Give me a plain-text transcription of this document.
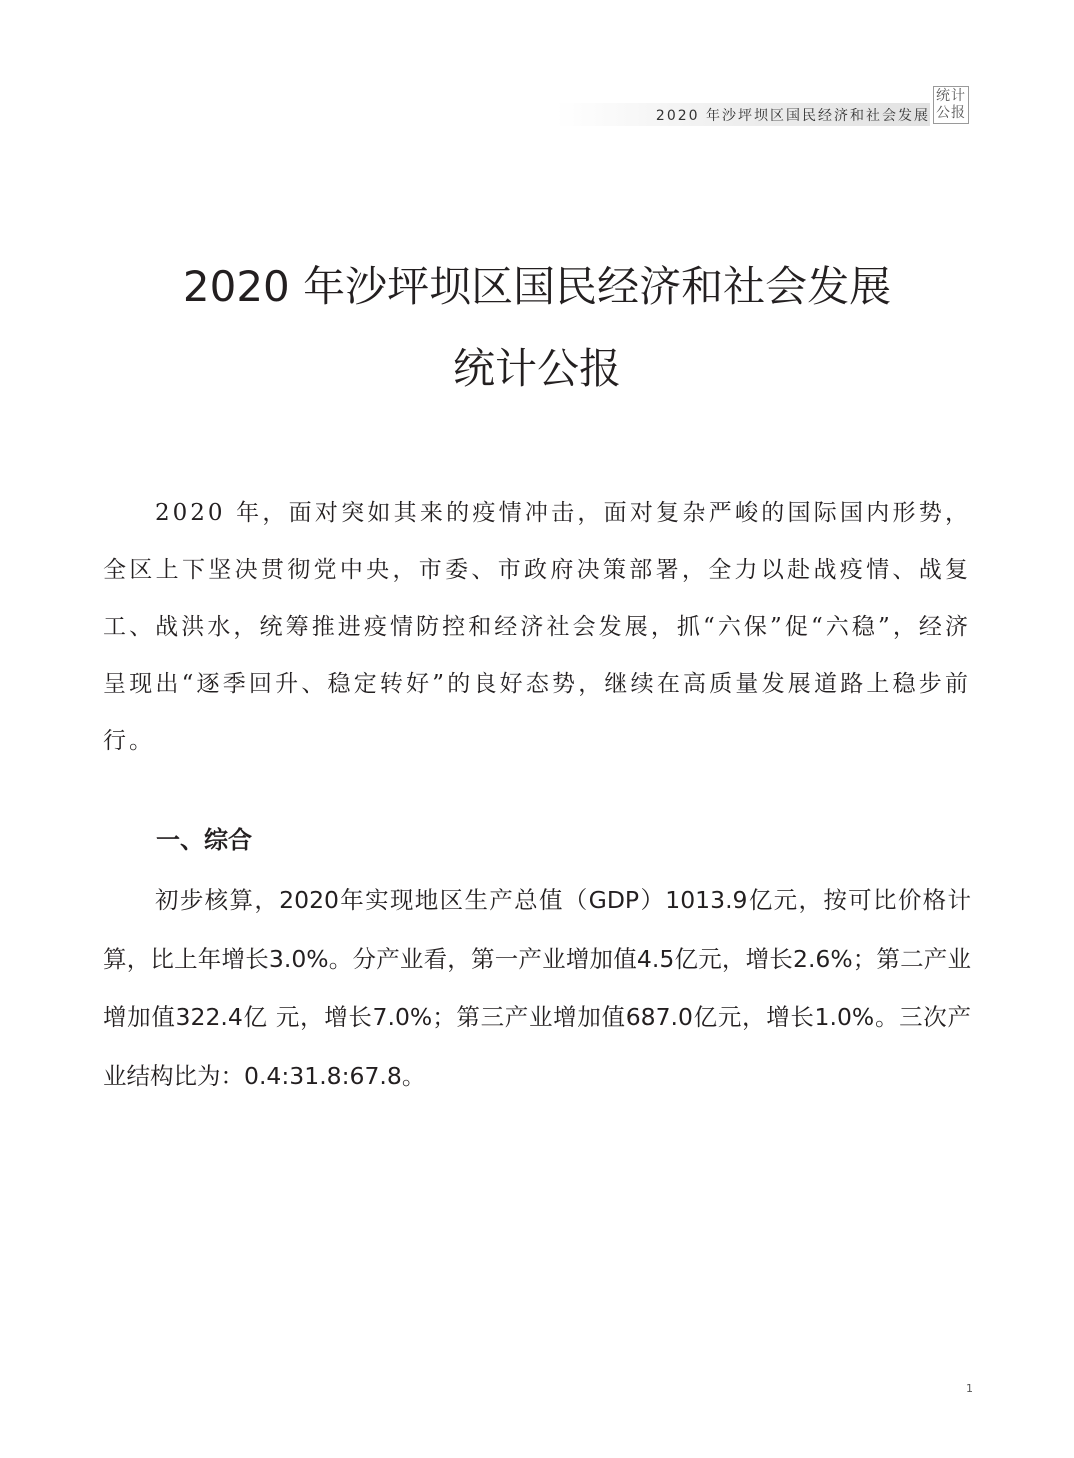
2020 年沙坪坝区国民经济和社会发展
统计
公报
2020 年沙坪坝区国民经济和社会发展
统计公报

2020 年，面对突如其来的疫情冲击，面对复杂严峻的国际国内形势，全区上下坚决贯彻党中央，市委、市政府决策部署，全力以赴战疫情、战复工、战洪水，统筹推进疫情防控和经济社会发展，抓“六保”促“六稳”，经济呈现出“逐季回升、稳定转好”的良好态势，继续在高质量发展道路上稳步前行。

一、综合

初步核算，2020年实现地区生产总值（GDP）1013.9亿元，按可比价格计算，比上年增长3.0%。分产业看，第一产业增加值4.5亿元，增长2.6%；第二产业增加值322.4亿 元，增长7.0%；第三产业增加值687.0亿元，增长1.0%。三次产业结构比为：0.4:31.8:67.8。

1
